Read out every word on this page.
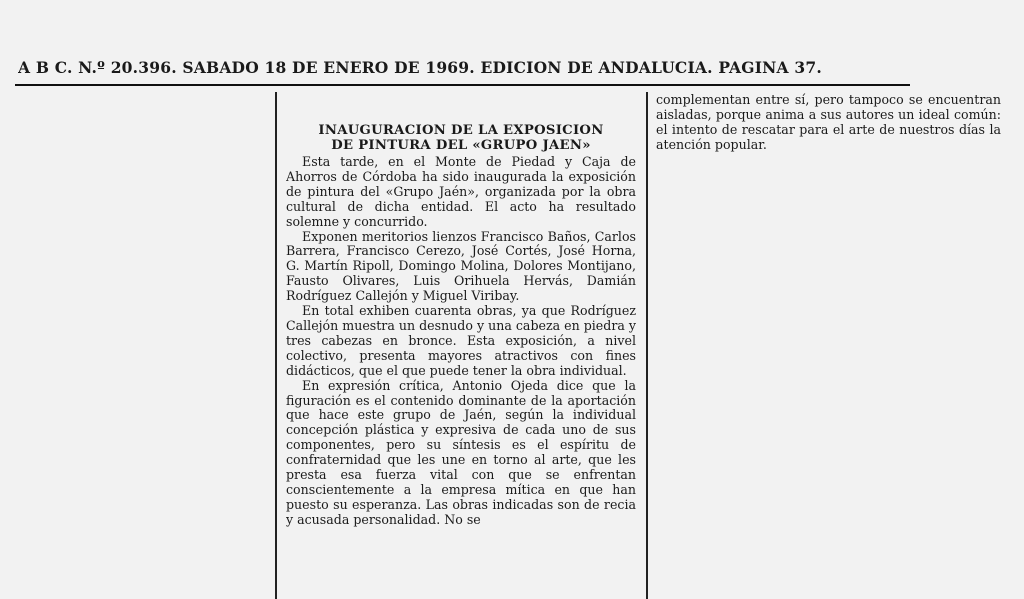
A B C. N.º 20.396. SABADO 18 DE ENERO DE 1969. EDICION DE ANDALUCIA. PAGINA 37.
INAUGURACION DE LA EXPOSICION
DE PINTURA DEL «GRUPO JAEN»

Esta tarde, en el Monte de Piedad y Caja de Ahorros de Córdoba ha sido inaugurada la exposición de pintura del «Grupo Jaén», organizada por la obra cultural de dicha entidad. El acto ha resultado solemne y concurrido.

Exponen meritorios lienzos Francisco Baños, Carlos Barrera, Francisco Cerezo, José Cortés, José Horna, G. Martín Ripoll, Domingo Molina, Dolores Montijano, Fausto Olivares, Luis Orihuela Hervás, Damián Rodríguez Callejón y Miguel Viribay.

En total exhiben cuarenta obras, ya que Rodríguez Callejón muestra un desnudo y una cabeza en piedra y tres cabezas en bronce. Esta exposición, a nivel colectivo, presenta mayores atractivos con fines didácticos, que el que puede tener la obra individual.

En expresión crítica, Antonio Ojeda dice que la figuración es el contenido dominante de la aportación que hace este grupo de Jaén, según la individual concepción plástica y expresiva de cada uno de sus componentes, pero su síntesis es el espíritu de confraternidad que les une en torno al arte, que les presta esa fuerza vital con que se enfrentan conscientemente a la empresa mítica en que han puesto su esperanza. Las obras indicadas son de recia y acusada personalidad. No se

complementan entre sí, pero tampoco se encuentran aisladas, porque anima a sus autores un ideal común: el intento de rescatar para el arte de nuestros días la atención popular.
